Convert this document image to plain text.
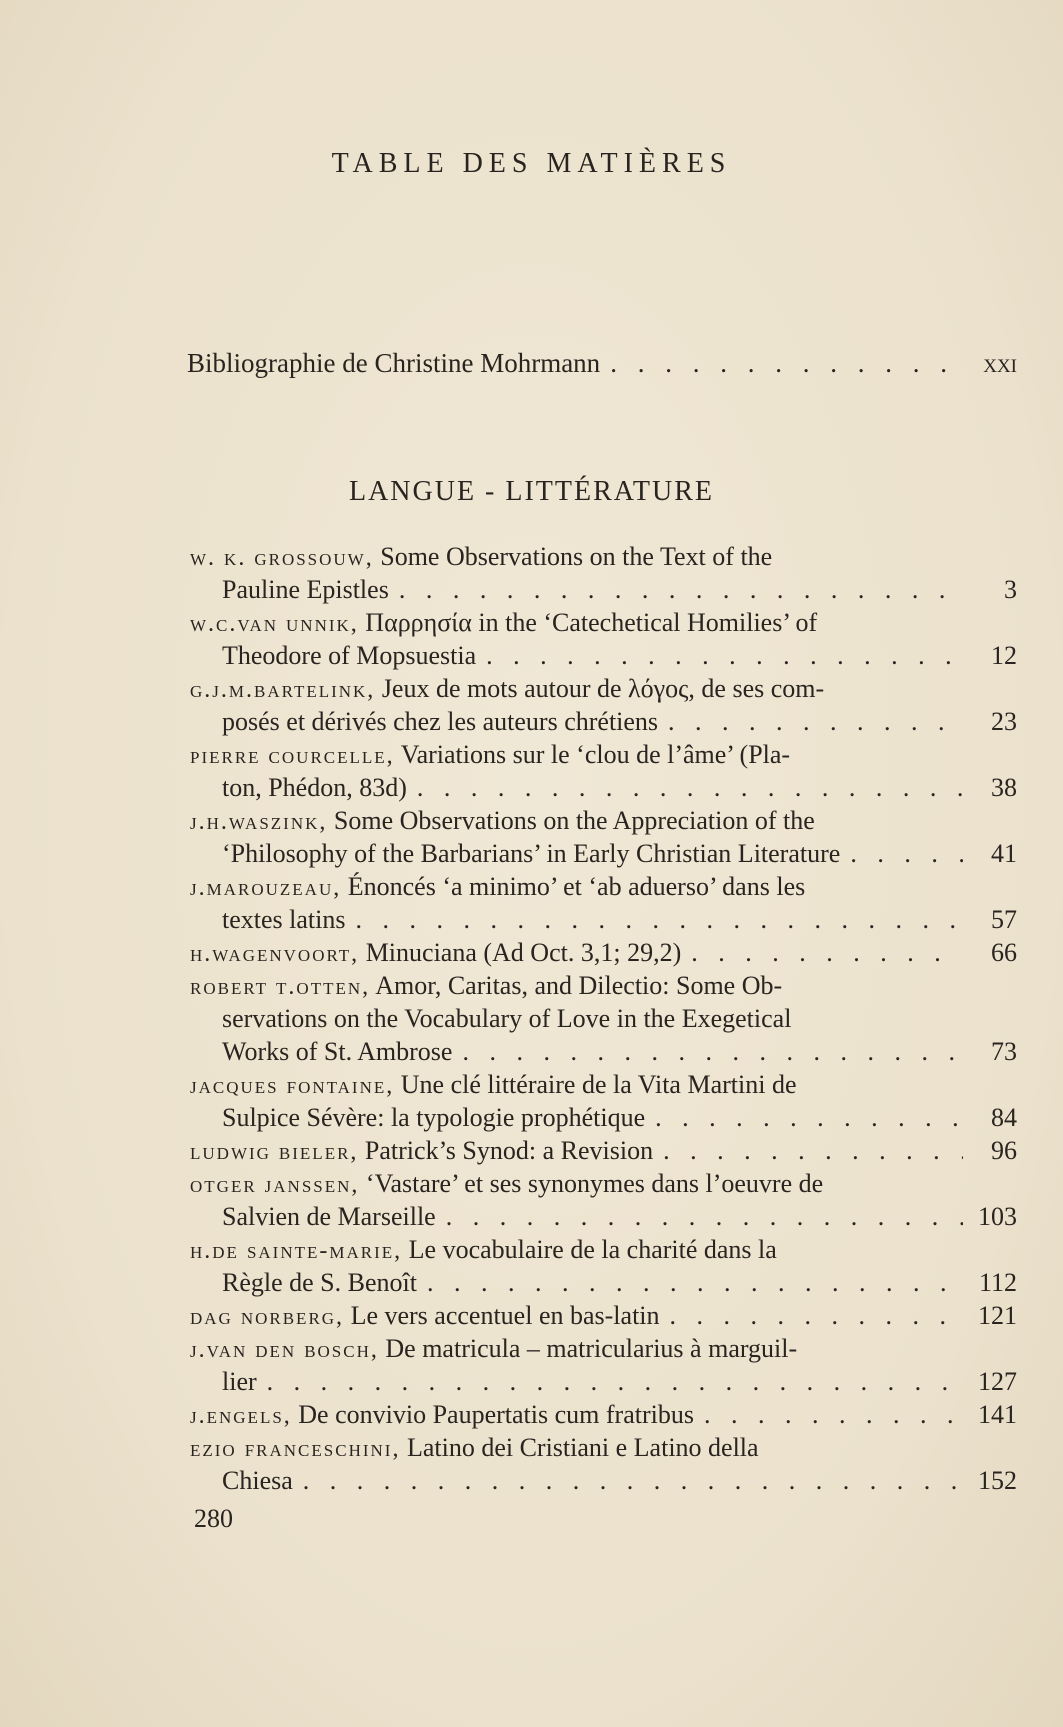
TABLE DES MATIÈRES
Bibliographie de Christine Mohrmann . . .	xxi
LANGUE - LITTÉRATURE
w. k. grossouw, Some Observations on the Text of the
Pauline Epistles . . .	3
w.c.van unnik, Παρρησία in the ‘Catechetical Homilies’ of
Theodore of Mopsuestia . . .	12
g.j.m.bartelink, Jeux de mots autour de λόγος, de ses com-
posés et dérivés chez les auteurs chrétiens . . .	23
pierre courcelle, Variations sur le ‘clou de l’âme’ (Pla-
ton, Phédon, 83d) . . .	38
j.h.waszink, Some Observations on the Appreciation of the
‘Philosophy of the Barbarians’ in Early Christian Literature . . .	41
j.marouzeau, Énoncés ‘a minimo’ et ‘ab aduerso’ dans les
textes latins . . .	57
h.wagenvoort, Minuciana (Ad Oct. 3,1; 29,2) . . .	66
robert t.otten, Amor, Caritas, and Dilectio: Some Ob-
servations on the Vocabulary of Love in the Exegetical
Works of St. Ambrose . . .	73
jacques fontaine, Une clé littéraire de la Vita Martini de
Sulpice Sévère: la typologie prophétique . . .	84
ludwig bieler, Patrick’s Synod: a Revision . . .	96
otger janssen, ‘Vastare’ et ses synonymes dans l’oeuvre de
Salvien de Marseille . . .	103
h.de sainte-marie, Le vocabulaire de la charité dans la
Règle de S. Benoît . . .	112
dag norberg, Le vers accentuel en bas-latin . . .	121
j.van den bosch, De matricula – matricularius à marguil-
lier . . .	127
j.engels, De convivio Paupertatis cum fratribus . . .	141
ezio franceschini, Latino dei Cristiani e Latino della
Chiesa . . .	152
280
